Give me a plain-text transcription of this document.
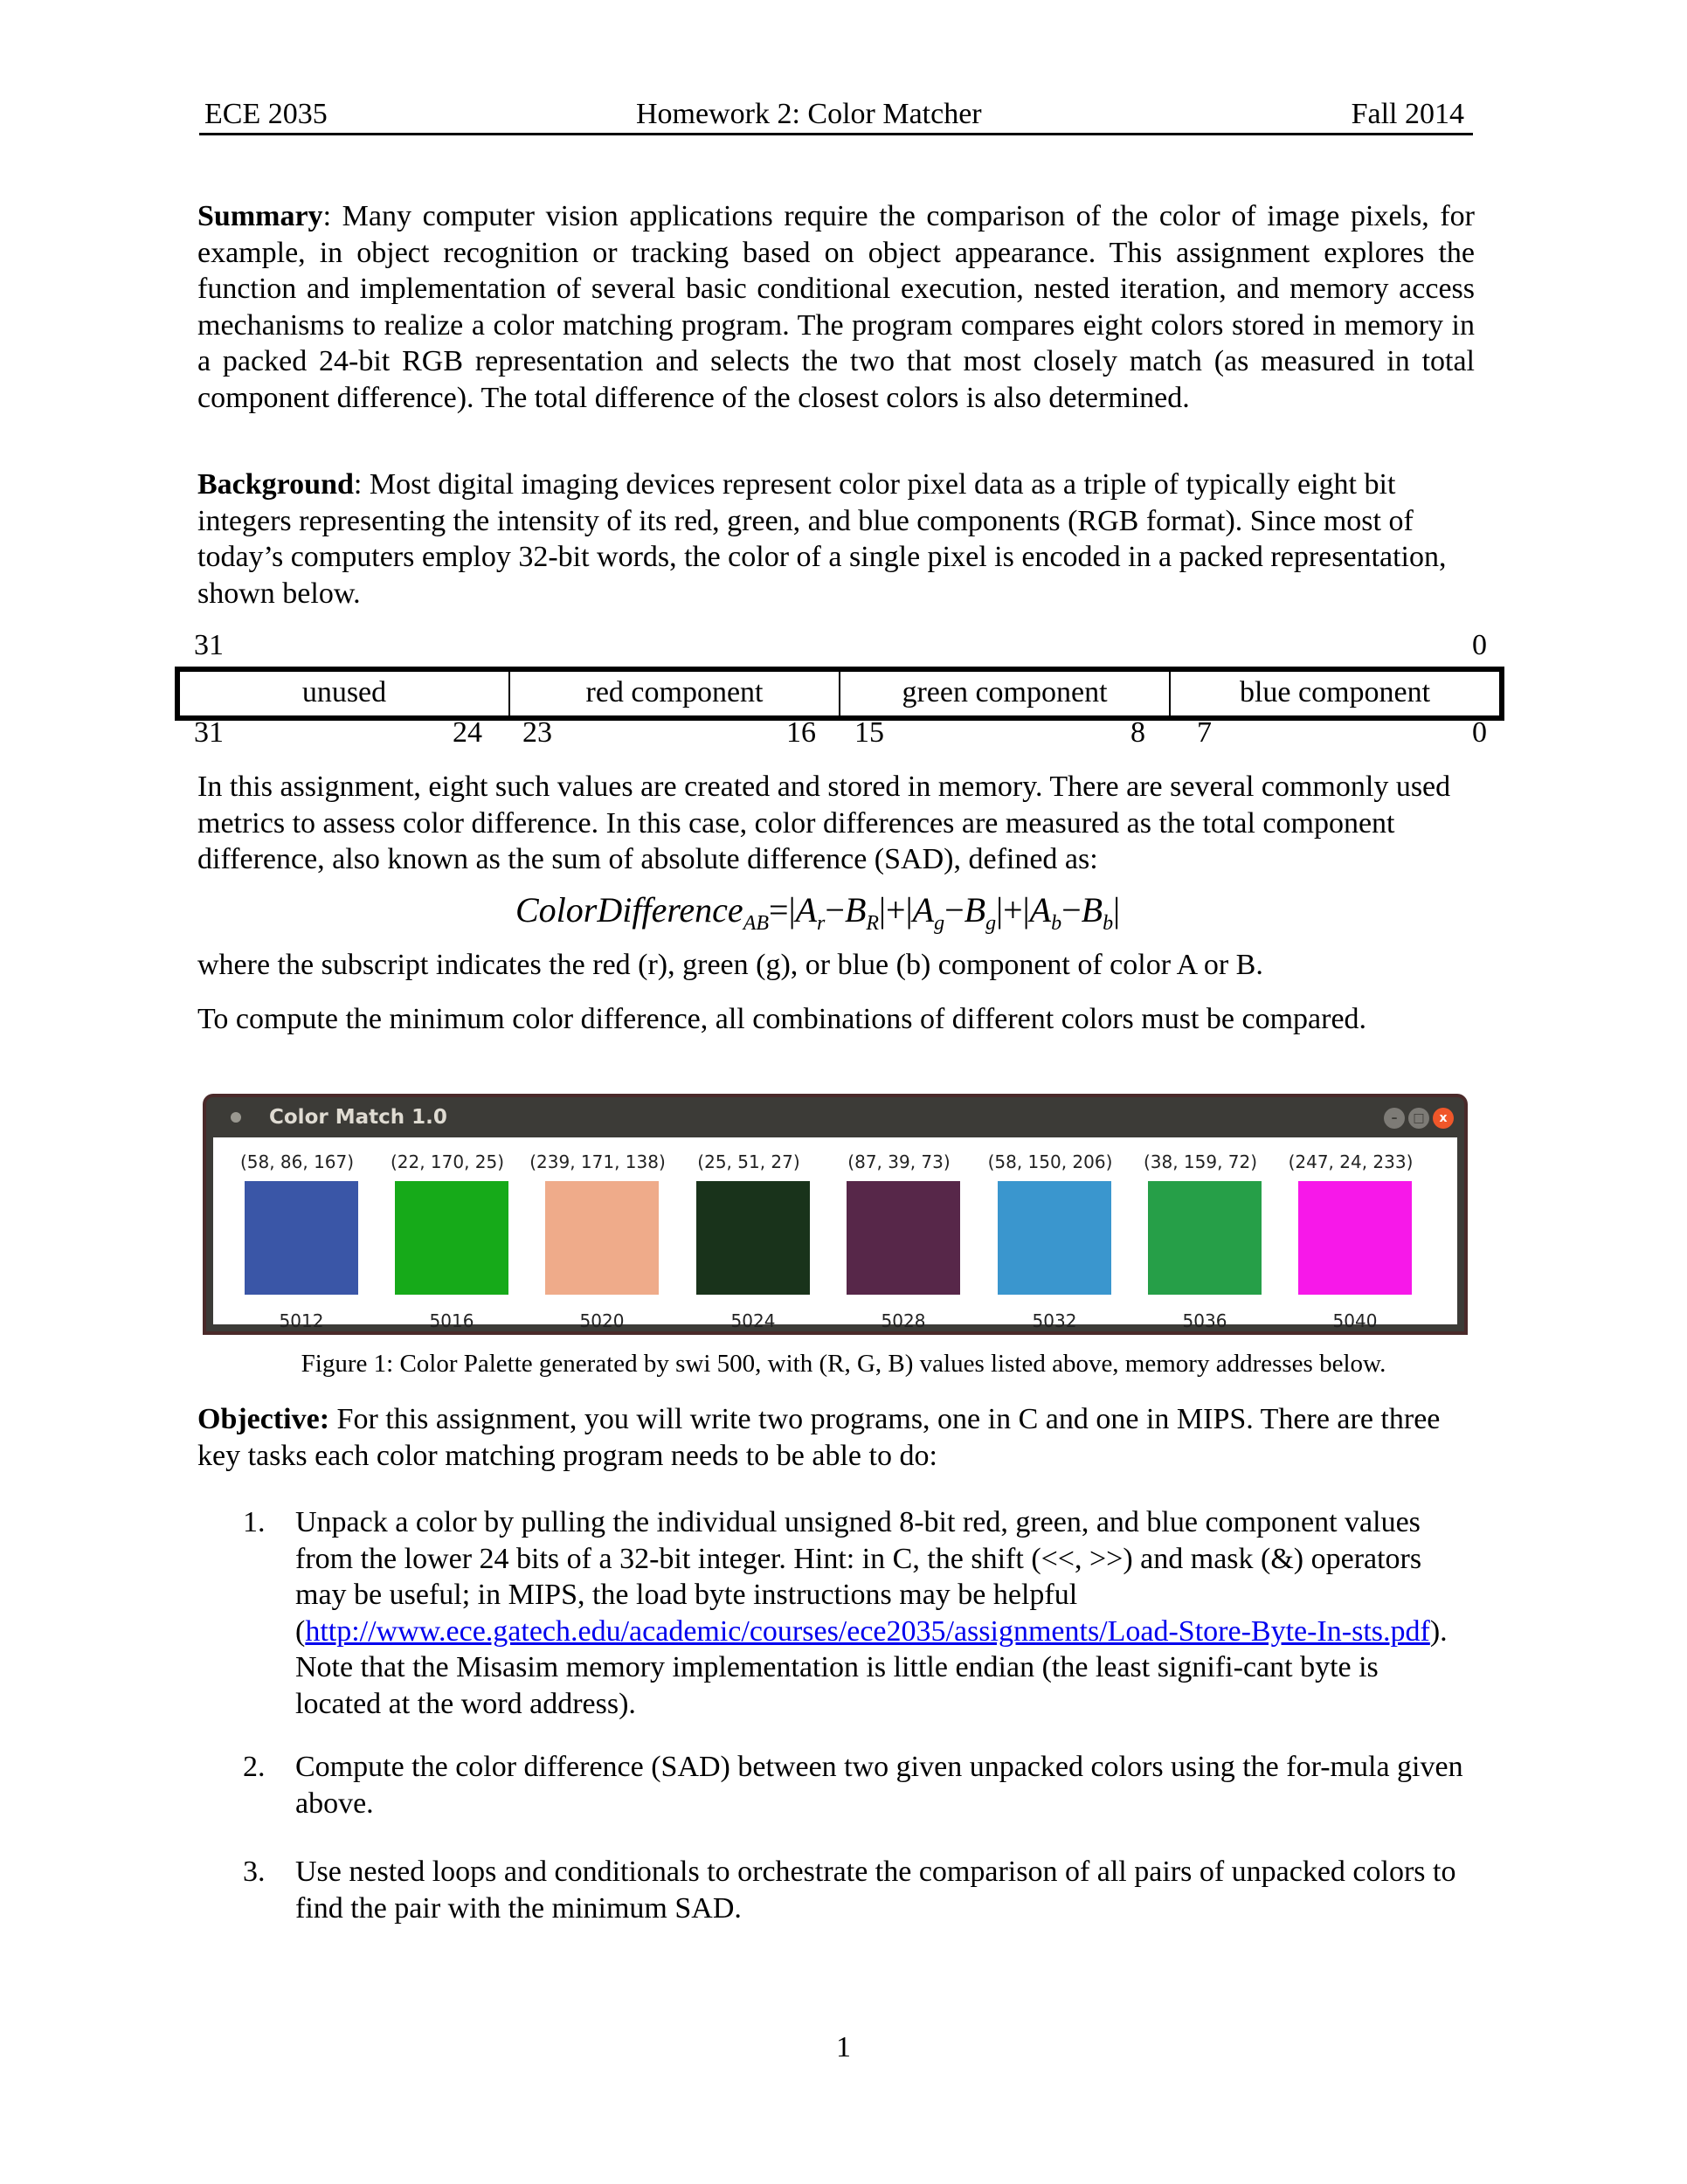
ECE 2035	Homework 2: Color Matcher	Fall 2014
Summary: Many computer vision applications require the comparison of the color of image pixels, for example, in object recognition or tracking based on object appearance. This assignment explores the function and implementation of several basic conditional execution, nested iteration, and memory access mechanisms to realize a color matching program. The program compares eight colors stored in memory in a packed 24-bit RGB representation and selects the two that most closely match (as measured in total component difference). The total difference of the closest colors is also determined.
Background: Most digital imaging devices represent color pixel data as a triple of typically eight bit integers representing the intensity of its red, green, and blue components (RGB format). Since most of today’s computers employ 32-bit words, the color of a single pixel is encoded in a packed representation, shown below.
31	0
unused	red component	green component	blue component
31	24 23	16 15	8 7	0
In this assignment, eight such values are created and stored in memory. There are several commonly used metrics to assess color difference. In this case, color differences are measured as the total component difference, also known as the sum of absolute difference (SAD), defined as:
$ColorDifference_{AB}=|A_r-B_R|+|A_g-B_g|+|A_b-B_b|$
where the subscript indicates the red (r), green (g), or blue (b) component of color A or B.
To compute the minimum color difference, all combinations of different colors must be compared.
Color Match 1.0	–	□	x
(58, 86, 167)
5012
(22, 170, 25)
5016
(239, 171, 138)
5020
(25, 51, 27)
5024
(87, 39, 73)
5028
(58, 150, 206)
5032
(38, 159, 72)
5036
(247, 24, 233)
5040
Figure 1: Color Palette generated by swi 500, with (R, G, B) values listed above, memory addresses below.
Objective: For this assignment, you will write two programs, one in C and one in MIPS. There are three key tasks each color matching program needs to be able to do:
1. Unpack a color by pulling the individual unsigned 8-bit red, green, and blue component values from the lower 24 bits of a 32-bit integer. Hint: in C, the shift (<<, >>) and mask (&) operators may be useful; in MIPS, the load byte instructions may be helpful (http://www.ece.gatech.edu/academic/courses/ece2035/assignments/Load-Store-Byte-In-sts.pdf). Note that the Misasim memory implementation is little endian (the least signifi-cant byte is located at the word address).
2. Compute the color difference (SAD) between two given unpacked colors using the for-mula given above.
3. Use nested loops and conditionals to orchestrate the comparison of all pairs of unpacked colors to find the pair with the minimum SAD.
1
